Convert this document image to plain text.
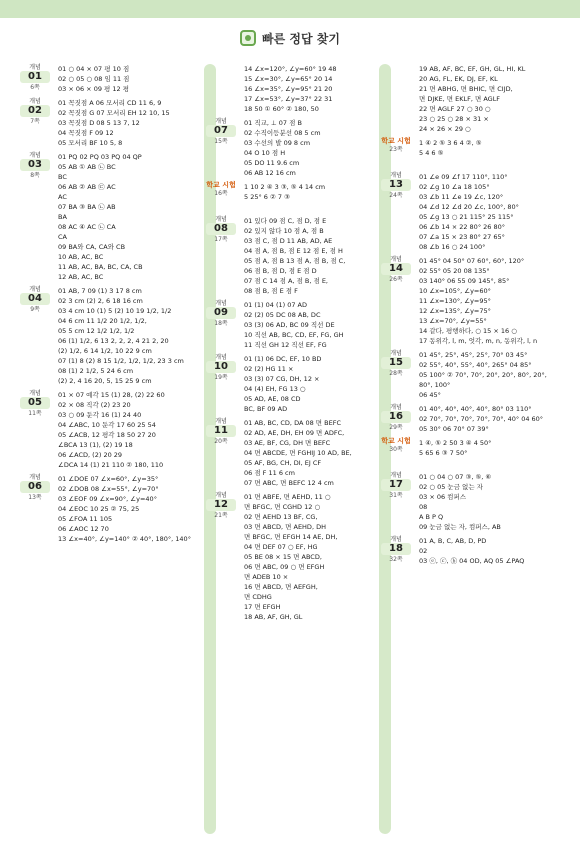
빠른 정답 찾기
개념
01
6쪽
01 ○ 04 × 07 평 10 짐
02 ○ 05 ○ 08 임 11 짐
03 × 06 × 09 평 12 평
개념
02
7쪽
01 꼭짓점 A 06 모서리 CD 11 6, 9
02 꼭짓점 G 07 모서리 EH 12 10, 15
03 꼭짓점 D 08 5 13 7, 12
04 꼭짓점 F 09 12
05 모서리 BF 10 5, 8
개념
03
8쪽
01 PQ 02 PQ 03 PQ 04 QP
05 AB ① AB ㉡ BC
BC
06 AB ② AB ㉢ AC
AC
07 BA ③ BA ㉡ AB
BA
08 AC ④ AC ㉡ CA
CA
09 BA와 CA, CA와 CB
10 AB, AC, BC
11 AB, AC, BA, BC, CA, CB
12 AB, AC, BC
개념
04
9쪽
01 AB, 7 09 (1) 3 17 8 cm
02 3 cm (2) 2, 6 18 16 cm
03 4 cm 10 (1) 5 (2) 10 19 1/2, 1/2
04 6 cm 11 1/2 20 1/2, 1/2,
05 5 cm 12 1/2 1/2, 1/2
06 (1) 1/2, 6 13 2, 2, 2, 4 21 2, 20
(2) 1/2, 6 14 1/2, 10 22 9 cm
07 (1) 8 (2) 8 15 1/2, 1/2, 1/2, 23 3 cm
08 (1) 2 1/2, 5 24 6 cm
(2) 2, 4 16 20, 5, 15 25 9 cm
개념
05
11쪽
01 × 07 예각 15 (1) 28, (2) 22 60
02 × 08 직각 (2) 23 20
03 ○ 09 둔각 16 (1) 24 40
04 ∠ABC, 10 둔각 17 60 25 54
05 ∠ACB, 12 평각 18 50 27 20
∠BCA 13 (1), (2) 19 18
06 ∠ACD, (2) 20 29
∠DCA 14 (1) 21 110 ② 180, 110
개념
06
13쪽
01 ∠DOE 07 ∠x=60°, ∠y=35°
02 ∠DOB 08 ∠x=55°, ∠y=70°
03 ∠EOF 09 ∠x=90°, ∠y=40°
04 ∠EOC 10 25 ② 75, 25
05 ∠FOA 11 105
06 ∠AOC 12 70
13 ∠x=40°, ∠y=140° ② 40°, 180°, 140°
14 ∠x=120°, ∠y=60° 19 48
15 ∠x=30°, ∠y=65° 20 14
16 ∠x=35°, ∠y=95° 21 20
17 ∠x=53°, ∠y=37° 22 31
18 50 ① 60° ② 180, 50
개념
07
15쪽
01 직교, ⊥ 07 점 B
02 수직이등분선 08 5 cm
03 수선의 발 09 8 cm
04 O 10 점 H
05 DO 11 9.6 cm
06 AB 12 16 cm
학교 시험
16쪽
1 10 2 ④ 3 ③, ⑤ 4 14 cm
5 25° 6 ② 7 ③
개념
08
17쪽
01 있다 09 점 C, 점 D, 점 E
02 있지 않다 10 점 A, 점 B
03 점 C, 점 D 11 AB, AD, AE
04 점 A, 점 B, 점 E 12 점 E, 점 H
05 점 A, 점 B 13 점 A, 점 B, 점 C,
06 점 B, 점 D, 점 E 점 D
07 점 C 14 점 A, 점 B, 점 E,
08 점 B, 점 E 점 F
개념
09
18쪽
01 (1) 04 (1) 07 AD
02 (2) 05 DC 08 AB, DC
03 (3) 06 AD, BC 09 직선 DE
10 직선 AB, BC, CD, EF, FG, GH
11 직선 GH 12 직선 EF, FG
개념
10
19쪽
01 (1) 06 DC, EF, 10 BD
02 (2) HG 11 ×
03 (3) 07 CG, DH, 12 ×
04 (4) EH, FG 13 ○
05 AD, AE, 08 CD
BC, BF 09 AD
개념
11
20쪽
01 AB, BC, CD, DA 08 면 BEFC
02 AD, AE, DH, EH 09 면 ADFC,
03 AE, BF, CG, DH 면 BEFC
04 면 ABCDE, 면 FGHIJ 10 AD, BE,
05 AF, BG, CH, DI, EJ CF
06 점 F 11 6 cm
07 면 ABC, 면 BEFC 12 4 cm
개념
12
21쪽
01 면 ABFE, 면 AEHD, 11 ○
면 BFGC, 면 CGHD 12 ○
02 면 AEHD 13 BF, CG,
03 면 ABCD, 면 AEHD, DH
면 BFGC, 면 EFGH 14 AE, DH,
04 면 DEF 07 ○ EF, HG
05 BE 08 × 15 면 ABCD,
06 면 ABC, 09 ○ 면 EFGH
면 ADEB 10 ×
16 면 ABCD, 면 AEFGH,
면 CDHG
17 면 EFGH
18 AB, AF, GH, GL
19 AB, AF, BC, EF, GH, GL, HI, KL
20 AG, FL, EK, DJ, EF, KL
21 면 ABHG, 면 BHIC, 면 CIJD,
면 DJKE, 면 EKLF, 면 AGLF
22 면 AGLF 27 ○ 30 ○
23 ○ 25 ○ 28 × 31 ×
24 × 26 × 29 ○
학교 시험
23쪽
1 ④ 2 ⑤ 3 6 4 ②, ⑤
5 4 6 ⑤
개념
13
24쪽
01 ∠e 09 ∠f 17 110°, 110°
02 ∠g 10 ∠a 18 105°
03 ∠b 11 ∠e 19 ∠c, 120°
04 ∠d 12 ∠d 20 ∠c, 100°, 80°
05 ∠g 13 ○ 21 115° 25 115°
06 ∠b 14 × 22 80° 26 80°
07 ∠a 15 × 23 80° 27 65°
08 ∠b 16 ○ 24 100°
개념
14
26쪽
01 45° 04 50° 07 60°, 60°, 120°
02 55° 05 20 08 135°
03 140° 06 55 09 145°, 85°
10 ∠x=105°, ∠y=60°
11 ∠x=130°, ∠y=95°
12 ∠x=135°, ∠y=75°
13 ∠x=70°, ∠y=55°
14 같다, 평행하다, ○ 15 × 16 ○
17 동위각, l, m, 엇각, m, n, 동위각, l, n
개념
15
28쪽
01 45°, 25°, 45°, 25°, 70° 03 45°
02 55°, 40°, 55°, 40°, 265° 04 85°
05 100° ② 70°, 70°, 20°, 20°, 80°, 20°,
80°, 100°
06 45°
개념
16
29쪽
01 40°, 40°, 40°, 40°, 80° 03 110°
02 70°, 70°, 70°, 70°, 70°, 40° 04 60°
05 30° 06 70° 07 39°
학교 시험
30쪽
1 ④, ⑤ 2 50 3 ④ 4 50°
5 65 6 ③ 7 50°
개념
17
31쪽
01 ○ 04 ○ 07 ③, ⑤, ⑥
02 ○ 05 눈금 없는 자
03 × 06 컴퍼스
08
A B P Q
09 눈금 없는 자, 컴퍼스, AB
개념
18
32쪽
01 A, B, C, AB, D, PD
02
03 ⓔ, ⓒ, ⓑ 04 OD, AQ 05 ∠PAQ
